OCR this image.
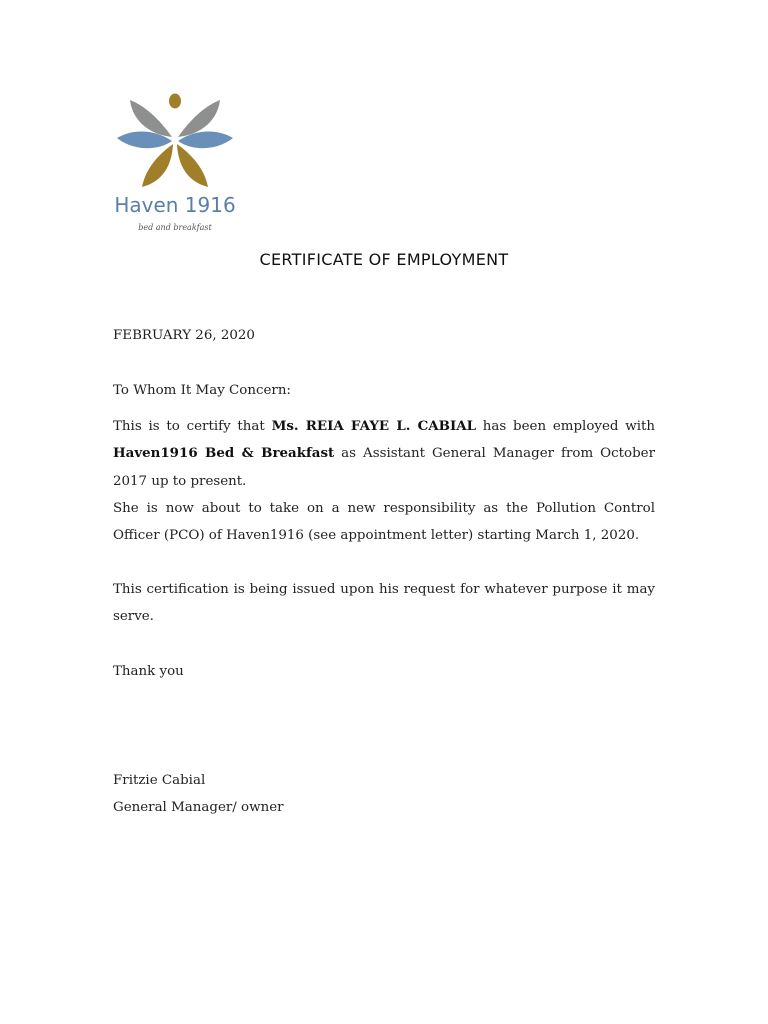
Haven 1916
bed and breakfast
CERTIFICATE OF EMPLOYMENT
FEBRUARY 26, 2020
To Whom It May Concern:
This is to certify that Ms. REIA FAYE L. CABIAL has been employed with Haven1916 Bed & Breakfast as Assistant General Manager from October 2017 up to present.
She is now about to take on a new responsibility as the Pollution Control Officer (PCO) of Haven1916 (see appointment letter) starting March 1, 2020.
This certification is being issued upon his request for whatever purpose it may serve.
Thank you
Fritzie Cabial
General Manager/ owner
